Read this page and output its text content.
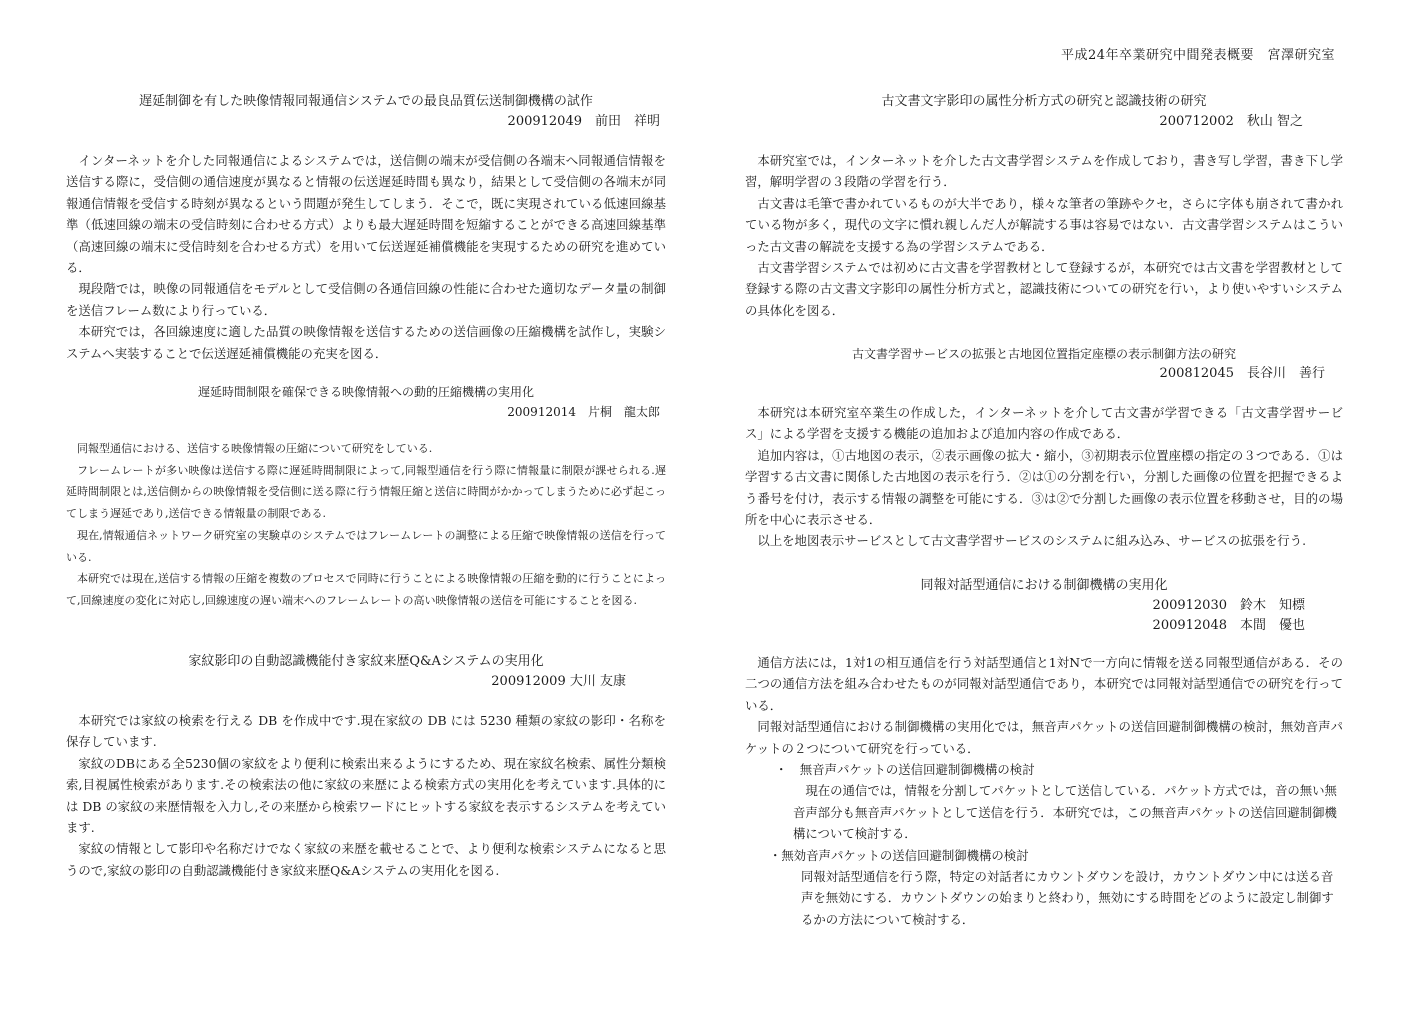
平成24年卒業研究中間発表概要　宮澤研究室

遅延制御を有した映像情報同報通信システムでの最良品質伝送制御機構の試作

200912049　前田　祥明

インターネットを介した同報通信によるシステムでは，送信側の端末が受信側の各端末へ同報通信情報を送信する際に，受信側の通信速度が異なると情報の伝送遅延時間も異なり，結果として受信側の各端末が同報通信情報を受信する時刻が異なるという問題が発生してしまう．そこで，既に実現されている低速回線基準（低速回線の端末の受信時刻に合わせる方式）よりも最大遅延時間を短縮することができる高速回線基準（高速回線の端末に受信時刻を合わせる方式）を用いて伝送遅延補償機能を実現するための研究を進めている．

現段階では，映像の同報通信をモデルとして受信側の各通信回線の性能に合わせた適切なデータ量の制御を送信フレーム数により行っている．

本研究では，各回線速度に適した品質の映像情報を送信するための送信画像の圧縮機構を試作し，実験システムへ実装することで伝送遅延補償機能の充実を図る．

遅延時間制限を確保できる映像情報への動的圧縮機構の実用化

200912014　片桐　龍太郎

同報型通信における、送信する映像情報の圧縮について研究をしている.

フレームレートが多い映像は送信する際に遅延時間制限によって,同報型通信を行う際に情報量に制限が課せられる.遅延時間制限とは,送信側からの映像情報を受信側に送る際に行う情報圧縮と送信に時間がかかってしまうために必ず起こってしまう遅延であり,送信できる情報量の制限である.

現在,情報通信ネットワーク研究室の実験卓のシステムではフレームレートの調整による圧縮で映像情報の送信を行っている.

本研究では現在,送信する情報の圧縮を複数のプロセスで同時に行うことによる映像情報の圧縮を動的に行うことによって,回線速度の変化に対応し,回線速度の遅い端末へのフレームレートの高い映像情報の送信を可能にすることを図る.

家紋影印の自動認識機能付き家紋来歴Q&Aシステムの実用化

200912009 大川 友康

本研究では家紋の検索を行える DB を作成中です.現在家紋の DB には 5230 種類の家紋の影印・名称を保存しています.

家紋のDBにある全5230個の家紋をより便利に検索出来るようにするため、現在家紋名検索、属性分類検索,目視属性検索があります.その検索法の他に家紋の来歴による検索方式の実用化を考えています.具体的には DB の家紋の来歴情報を入力し,その来歴から検索ワードにヒットする家紋を表示するシステムを考えています.

家紋の情報として影印や名称だけでなく家紋の来歴を載せることで、より便利な検索システムになると思うので,家紋の影印の自動認識機能付き家紋来歴Q&Aシステムの実用化を図る.

古文書文字影印の属性分析方式の研究と認識技術の研究

200712002　秋山 智之

本研究室では，インターネットを介した古文書学習システムを作成しており，書き写し学習，書き下し学習，解明学習の３段階の学習を行う．

古文書は毛筆で書かれているものが大半であり，様々な筆者の筆跡やクセ，さらに字体も崩されて書かれている物が多く，現代の文字に慣れ親しんだ人が解読する事は容易ではない．古文書学習システムはこういった古文書の解読を支援する為の学習システムである．

古文書学習システムでは初めに古文書を学習教材として登録するが，本研究では古文書を学習教材として登録する際の古文書文字影印の属性分析方式と，認識技術についての研究を行い，より使いやすいシステムの具体化を図る．

古文書学習サービスの拡張と古地図位置指定座標の表示制御方法の研究

200812045　長谷川　善行

本研究は本研究室卒業生の作成した，インターネットを介して古文書が学習できる「古文書学習サービス」による学習を支援する機能の追加および追加内容の作成である．

追加内容は，①古地図の表示，②表示画像の拡大・縮小，③初期表示位置座標の指定の３つである．①は学習する古文書に関係した古地図の表示を行う．②は①の分割を行い，分割した画像の位置を把握できるよう番号を付け，表示する情報の調整を可能にする．③は②で分割した画像の表示位置を移動させ，目的の場所を中心に表示させる．

以上を地図表示サービスとして古文書学習サービスのシステムに組み込み、サービスの拡張を行う.

同報対話型通信における制御機構の実用化

200912030　鈴木　知標

200912048　本間　優也

通信方法には，1対1の相互通信を行う対話型通信と1対Nで一方向に情報を送る同報型通信がある．その二つの通信方法を組み合わせたものが同報対話型通信であり，本研究では同報対話型通信での研究を行っている．

同報対話型通信における制御機構の実用化では，無音声パケットの送信回避制御機構の検討，無効音声パケットの２つについて研究を行っている．

・　無音声パケットの送信回避制御機構の検討

現在の通信では，情報を分割してパケットとして送信している．パケット方式では，音の無い無音声部分も無音声パケットとして送信を行う．本研究では，この無音声パケットの送信回避制御機構について検討する．

・無効音声パケットの送信回避制御機構の検討

同報対話型通信を行う際，特定の対話者にカウントダウンを設け，カウントダウン中には送る音声を無効にする．カウントダウンの始まりと終わり，無効にする時間をどのように設定し制御するかの方法について検討する．
